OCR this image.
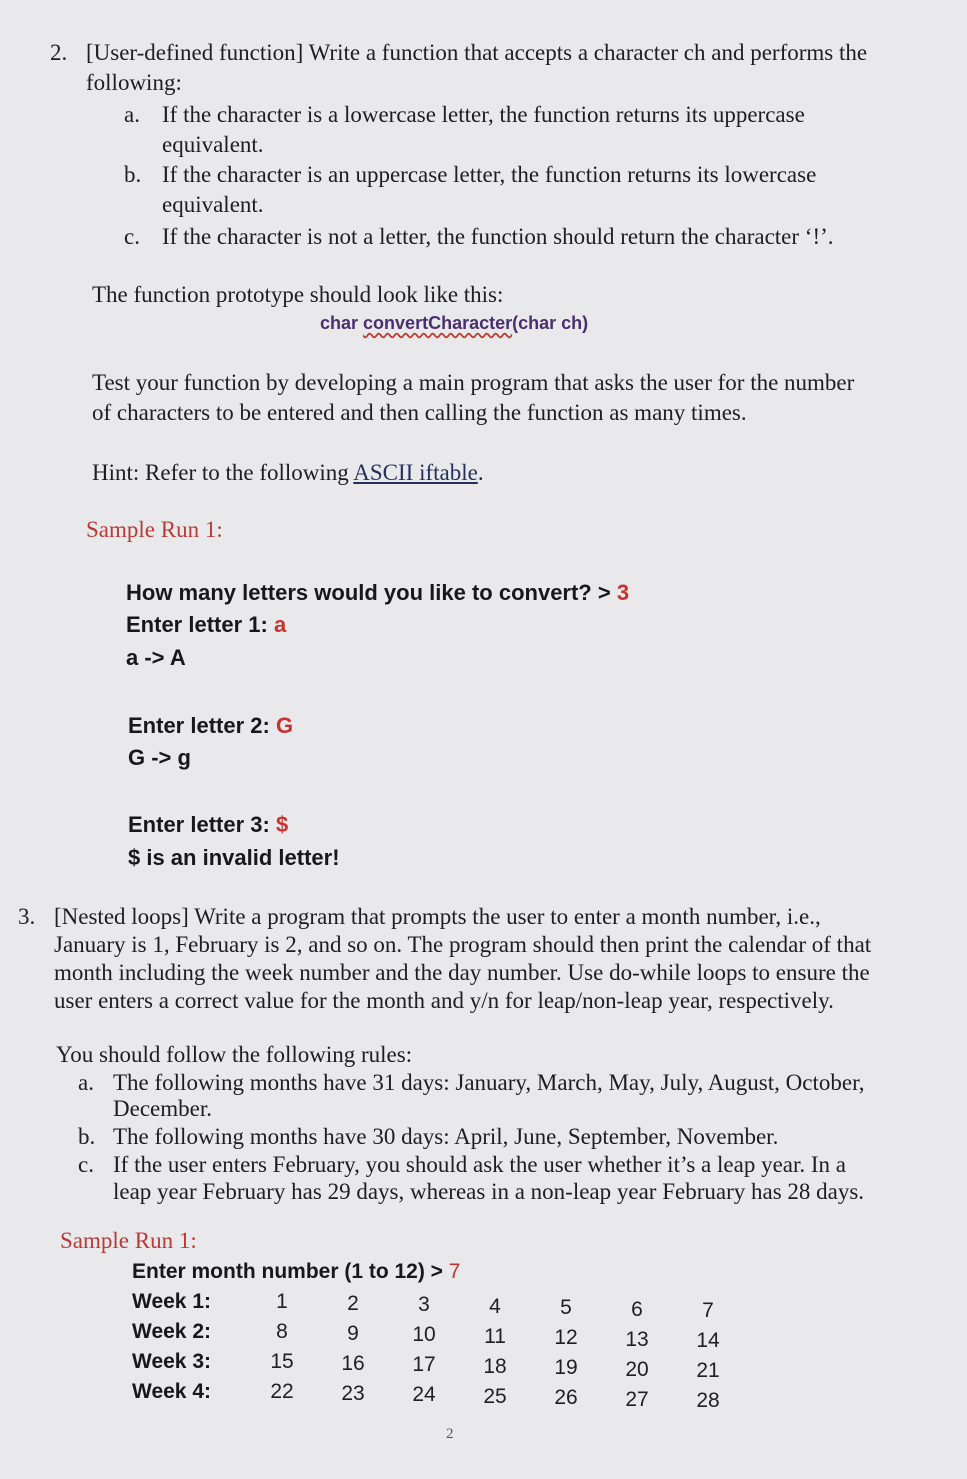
2. [User-defined function] Write a function that accepts a character ch and performs the
following:
a. If the character is a lowercase letter, the function returns its uppercase
equivalent.
b. If the character is an uppercase letter, the function returns its lowercase
equivalent.
c. If the character is not a letter, the function should return the character ‘!’.
The function prototype should look like this:
char convertCharacter(char ch)
Test your function by developing a main program that asks the user for the number
of characters to be entered and then calling the function as many times.
Hint: Refer to the following ASCII iftable.
Sample Run 1:
How many letters would you like to convert? > 3
Enter letter 1: a
a -> A
Enter letter 2: G
G -> g
Enter letter 3: $
$ is an invalid letter!
3. [Nested loops] Write a program that prompts the user to enter a month number, i.e.,
January is 1, February is 2, and so on. The program should then print the calendar of that
month including the week number and the day number. Use do-while loops to ensure the
user enters a correct value for the month and y/n for leap/non-leap year, respectively.
You should follow the following rules:
a. The following months have 31 days: January, March, May, July, August, October,
December.
b. The following months have 30 days: April, June, September, November.
c. If the user enters February, you should ask the user whether it’s a leap year. In a
leap year February has 29 days, whereas in a non-leap year February has 28 days.
Sample Run 1:
Enter month number (1 to 12) > 7
Week 1:	1	2	3	4	5	6	7
Week 2:	8	9	10	11	12	13	14
Week 3:	15	16	17	18	19	20	21
Week 4:	22	23	24	25	26	27	28
2
